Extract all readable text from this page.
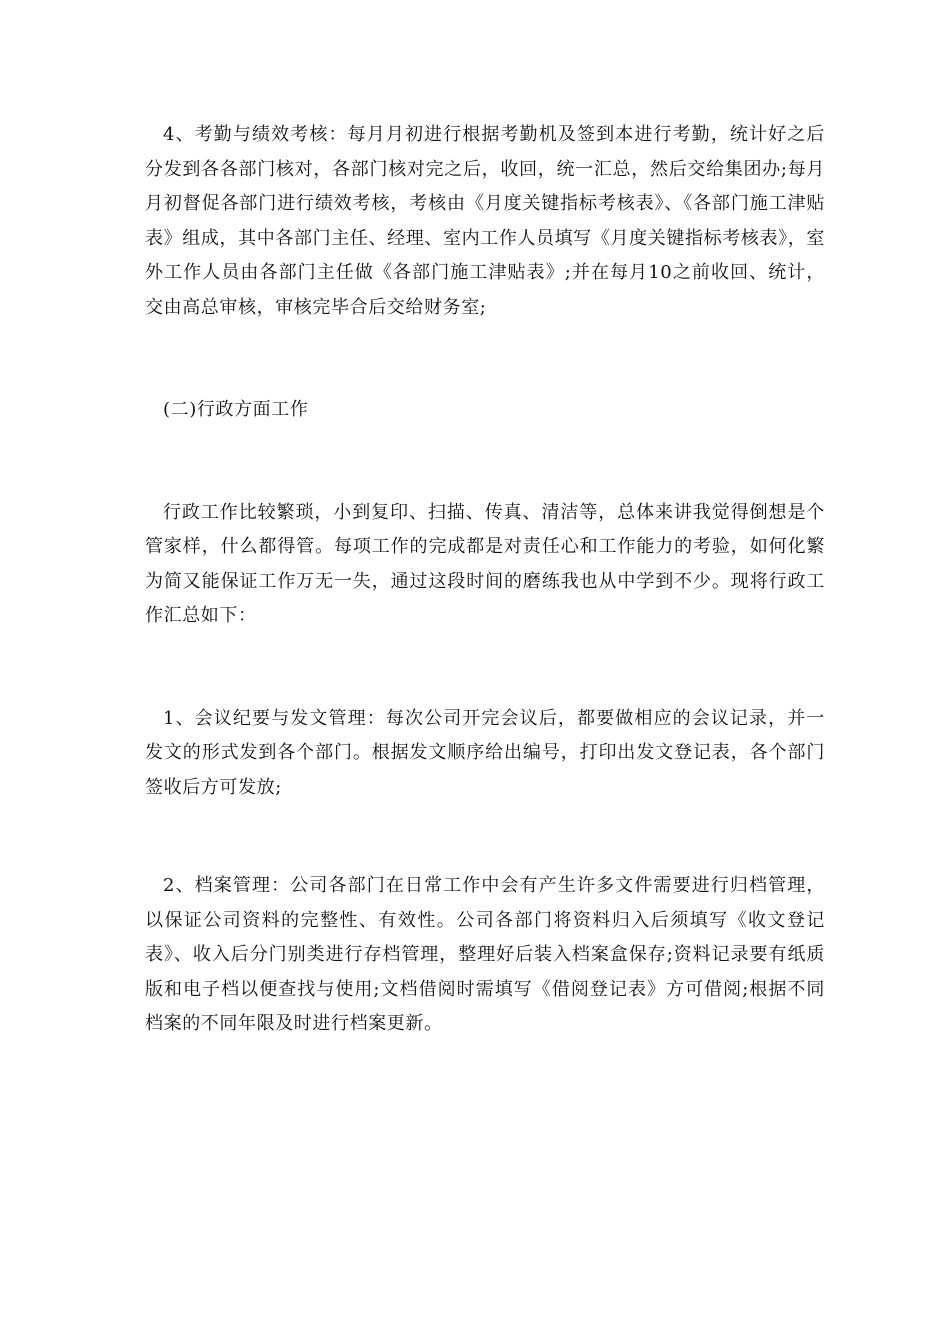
4、考勤与绩效考核：每月月初进行根据考勤机及签到本进行考勤，统计好之后分发到各各部门核对，各部门核对完之后，收回，统一汇总，然后交给集团办;每月月初督促各部门进行绩效考核，考核由《月度关键指标考核表》、《各部门施工津贴表》组成，其中各部门主任、经理、室内工作人员填写《月度关键指标考核表》，室外工作人员由各部门主任做《各部门施工津贴表》;并在每月10之前收回、统计，交由高总审核，审核完毕合后交给财务室;

(二)行政方面工作

行政工作比较繁琐，小到复印、扫描、传真、清洁等，总体来讲我觉得倒想是个管家样，什么都得管。每项工作的完成都是对责任心和工作能力的考验，如何化繁为简又能保证工作万无一失，通过这段时间的磨练我也从中学到不少。现将行政工作汇总如下：

1、会议纪要与发文管理：每次公司开完会议后，都要做相应的会议记录，并一发文的形式发到各个部门。根据发文顺序给出编号，打印出发文登记表，各个部门签收后方可发放;

2、档案管理：公司各部门在日常工作中会有产生许多文件需要进行归档管理，以保证公司资料的完整性、有效性。公司各部门将资料归入后须填写《收文登记表》、收入后分门别类进行存档管理，整理好后装入档案盒保存;资料记录要有纸质版和电子档以便查找与使用;文档借阅时需填写《借阅登记表》方可借阅;根据不同档案的不同年限及时进行档案更新。
